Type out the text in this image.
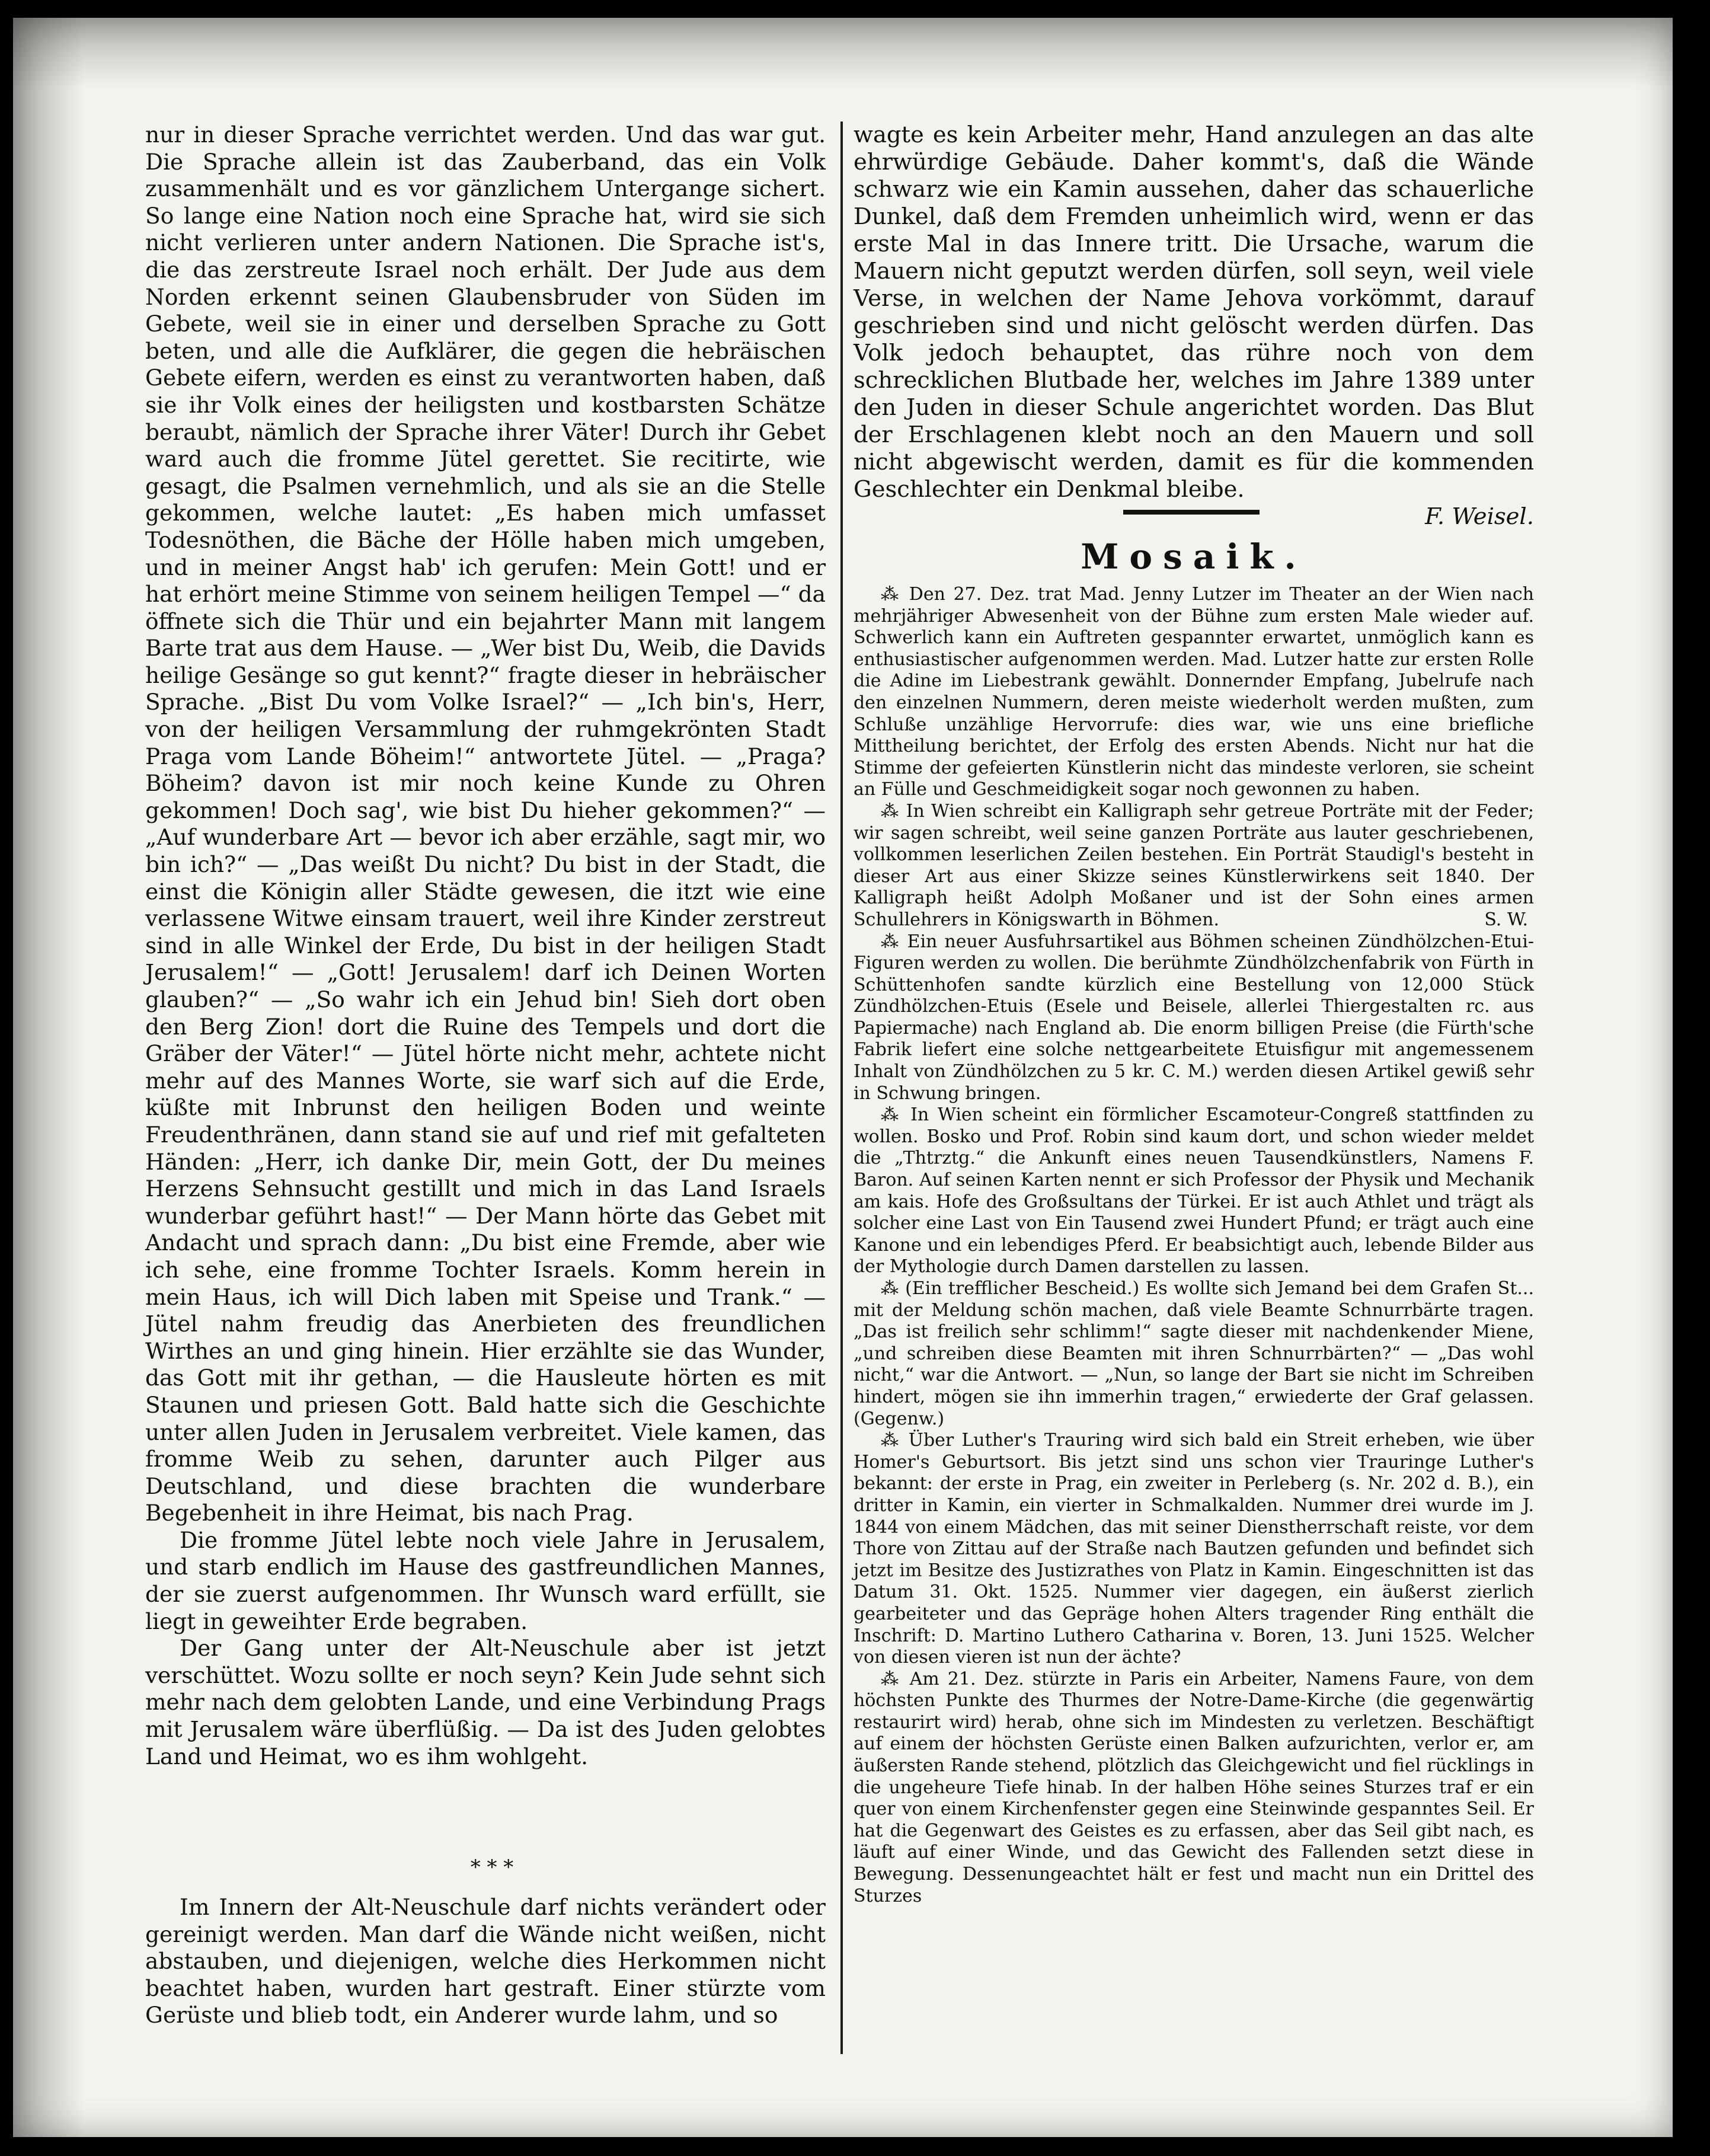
nur in dieser Sprache verrichtet werden. Und das war gut. Die Sprache allein ist das Zauberband, das ein Volk zusammenhält und es vor gänzlichem Untergange sichert. So lange eine Nation noch eine Sprache hat, wird sie sich nicht verlieren unter andern Nationen. Die Sprache ist's, die das zerstreute Israel noch erhält. Der Jude aus dem Norden erkennt seinen Glaubensbruder von Süden im Gebete, weil sie in einer und derselben Sprache zu Gott beten, und alle die Aufklärer, die gegen die hebräischen Gebete eifern, werden es einst zu verantworten haben, daß sie ihr Volk eines der heiligsten und kostbarsten Schätze beraubt, nämlich der Sprache ihrer Väter! Durch ihr Gebet ward auch die fromme Jütel gerettet. Sie recitirte, wie gesagt, die Psalmen vernehmlich, und als sie an die Stelle gekommen, welche lautet: „Es haben mich umfasset Todesnöthen, die Bäche der Hölle haben mich umgeben, und in meiner Angst hab' ich gerufen: Mein Gott! und er hat erhört meine Stimme von seinem heiligen Tempel —“ da öffnete sich die Thür und ein bejahrter Mann mit langem Barte trat aus dem Hause. — „Wer bist Du, Weib, die Davids heilige Gesänge so gut kennt?“ fragte dieser in hebräischer Sprache. „Bist Du vom Volke Israel?“ — „Ich bin's, Herr, von der heiligen Versammlung der ruhmgekrönten Stadt Praga vom Lande Böheim!“ antwortete Jütel. — „Praga? Böheim? davon ist mir noch keine Kunde zu Ohren gekommen! Doch sag', wie bist Du hieher gekommen?“ — „Auf wunderbare Art — bevor ich aber erzähle, sagt mir, wo bin ich?“ — „Das weißt Du nicht? Du bist in der Stadt, die einst die Königin aller Städte gewesen, die itzt wie eine verlassene Witwe einsam trauert, weil ihre Kinder zerstreut sind in alle Winkel der Erde, Du bist in der heiligen Stadt Jerusalem!“ — „Gott! Jerusalem! darf ich Deinen Worten glauben?“ — „So wahr ich ein Jehud bin! Sieh dort oben den Berg Zion! dort die Ruine des Tempels und dort die Gräber der Väter!“ — Jütel hörte nicht mehr, achtete nicht mehr auf des Mannes Worte, sie warf sich auf die Erde, küßte mit Inbrunst den heiligen Boden und weinte Freudenthränen, dann stand sie auf und rief mit gefalteten Händen: „Herr, ich danke Dir, mein Gott, der Du meines Herzens Sehnsucht gestillt und mich in das Land Israels wunderbar geführt hast!“ — Der Mann hörte das Gebet mit Andacht und sprach dann: „Du bist eine Fremde, aber wie ich sehe, eine fromme Tochter Israels. Komm herein in mein Haus, ich will Dich laben mit Speise und Trank.“ — Jütel nahm freudig das Anerbieten des freundlichen Wirthes an und ging hinein. Hier erzählte sie das Wunder, das Gott mit ihr gethan, — die Hausleute hörten es mit Staunen und priesen Gott. Bald hatte sich die Geschichte unter allen Juden in Jerusalem verbreitet. Viele kamen, das fromme Weib zu sehen, darunter auch Pilger aus Deutschland, und diese brachten die wunderbare Begebenheit in ihre Heimat, bis nach Prag.

Die fromme Jütel lebte noch viele Jahre in Jerusalem, und starb endlich im Hause des gastfreundlichen Mannes, der sie zuerst aufgenommen. Ihr Wunsch ward erfüllt, sie liegt in geweihter Erde begraben.

Der Gang unter der Alt-Neuschule aber ist jetzt verschüttet. Wozu sollte er noch seyn? Kein Jude sehnt sich mehr nach dem gelobten Lande, und eine Verbindung Prags mit Jerusalem wäre überflüßig. — Da ist des Juden gelobtes Land und Heimat, wo es ihm wohlgeht.

* * *

Im Innern der Alt-Neuschule darf nichts verändert oder gereinigt werden. Man darf die Wände nicht weißen, nicht abstauben, und diejenigen, welche dies Herkommen nicht beachtet haben, wurden hart gestraft. Einer stürzte vom Gerüste und blieb todt, ein Anderer wurde lahm, und so

wagte es kein Arbeiter mehr, Hand anzulegen an das alte ehrwürdige Gebäude. Daher kommt's, daß die Wände schwarz wie ein Kamin aussehen, daher das schauerliche Dunkel, daß dem Fremden unheimlich wird, wenn er das erste Mal in das Innere tritt. Die Ursache, warum die Mauern nicht geputzt werden dürfen, soll seyn, weil viele Verse, in welchen der Name Jehova vorkömmt, darauf geschrieben sind und nicht gelöscht werden dürfen. Das Volk jedoch behauptet, das rühre noch von dem schrecklichen Blutbade her, welches im Jahre 1389 unter den Juden in dieser Schule angerichtet worden. Das Blut der Erschlagenen klebt noch an den Mauern und soll nicht abgewischt werden, damit es für die kommenden Geschlechter ein Denkmal bleibe.

F. Weisel.

Mosaik.

⁂ Den 27. Dez. trat Mad. Jenny Lutzer im Theater an der Wien nach mehrjähriger Abwesenheit von der Bühne zum ersten Male wieder auf. Schwerlich kann ein Auftreten gespannter erwartet, unmöglich kann es enthusiastischer aufgenommen werden. Mad. Lutzer hatte zur ersten Rolle die Adine im Liebestrank gewählt. Donnernder Empfang, Jubelrufe nach den einzelnen Nummern, deren meiste wiederholt werden mußten, zum Schluße unzählige Hervorrufe: dies war, wie uns eine briefliche Mittheilung berichtet, der Erfolg des ersten Abends. Nicht nur hat die Stimme der gefeierten Künstlerin nicht das mindeste verloren, sie scheint an Fülle und Geschmeidigkeit sogar noch gewonnen zu haben.

⁂ In Wien schreibt ein Kalligraph sehr getreue Porträte mit der Feder; wir sagen schreibt, weil seine ganzen Porträte aus lauter geschriebenen, vollkommen leserlichen Zeilen bestehen. Ein Porträt Staudigl's besteht in dieser Art aus einer Skizze seines Künstlerwirkens seit 1840. Der Kalligraph heißt Adolph Moßaner und ist der Sohn eines armen Schullehrers in Königswarth in Böhmen.	S. W.

⁂ Ein neuer Ausfuhrsartikel aus Böhmen scheinen Zündhölzchen-Etui-Figuren werden zu wollen. Die berühmte Zündhölzchenfabrik von Fürth in Schüttenhofen sandte kürzlich eine Bestellung von 12,000 Stück Zündhölzchen-Etuis (Esele und Beisele, allerlei Thiergestalten rc. aus Papiermache) nach England ab. Die enorm billigen Preise (die Fürth'sche Fabrik liefert eine solche nettgearbeitete Etuisfigur mit angemessenem Inhalt von Zündhölzchen zu 5 kr. C. M.) werden diesen Artikel gewiß sehr in Schwung bringen.

⁂ In Wien scheint ein förmlicher Escamoteur-Congreß stattfinden zu wollen. Bosko und Prof. Robin sind kaum dort, und schon wieder meldet die „Thtrztg.“ die Ankunft eines neuen Tausendkünstlers, Namens F. Baron. Auf seinen Karten nennt er sich Professor der Physik und Mechanik am kais. Hofe des Großsultans der Türkei. Er ist auch Athlet und trägt als solcher eine Last von Ein Tausend zwei Hundert Pfund; er trägt auch eine Kanone und ein lebendiges Pferd. Er beabsichtigt auch, lebende Bilder aus der Mythologie durch Damen darstellen zu lassen.

⁂ (Ein trefflicher Bescheid.) Es wollte sich Jemand bei dem Grafen St... mit der Meldung schön machen, daß viele Beamte Schnurrbärte tragen. „Das ist freilich sehr schlimm!“ sagte dieser mit nachdenkender Miene, „und schreiben diese Beamten mit ihren Schnurrbärten?“ — „Das wohl nicht,“ war die Antwort. — „Nun, so lange der Bart sie nicht im Schreiben hindert, mögen sie ihn immerhin tragen,“ erwiederte der Graf gelassen. (Gegenw.)

⁂ Über Luther's Trauring wird sich bald ein Streit erheben, wie über Homer's Geburtsort. Bis jetzt sind uns schon vier Trauringe Luther's bekannt: der erste in Prag, ein zweiter in Perleberg (s. Nr. 202 d. B.), ein dritter in Kamin, ein vierter in Schmalkalden. Nummer drei wurde im J. 1844 von einem Mädchen, das mit seiner Dienstherrschaft reiste, vor dem Thore von Zittau auf der Straße nach Bautzen gefunden und befindet sich jetzt im Besitze des Justizrathes von Platz in Kamin. Eingeschnitten ist das Datum 31. Okt. 1525. Nummer vier dagegen, ein äußerst zierlich gearbeiteter und das Gepräge hohen Alters tragender Ring enthält die Inschrift: D. Martino Luthero Catharina v. Boren, 13. Juni 1525. Welcher von diesen vieren ist nun der ächte?

⁂ Am 21. Dez. stürzte in Paris ein Arbeiter, Namens Faure, von dem höchsten Punkte des Thurmes der Notre-Dame-Kirche (die gegenwärtig restaurirt wird) herab, ohne sich im Mindesten zu verletzen. Beschäftigt auf einem der höchsten Gerüste einen Balken aufzurichten, verlor er, am äußersten Rande stehend, plötzlich das Gleichgewicht und fiel rücklings in die ungeheure Tiefe hinab. In der halben Höhe seines Sturzes traf er ein quer von einem Kirchenfenster gegen eine Steinwinde gespanntes Seil. Er hat die Gegenwart des Geistes es zu erfassen, aber das Seil gibt nach, es läuft auf einer Winde, und das Gewicht des Fallenden setzt diese in Bewegung. Dessenungeachtet hält er fest und macht nun ein Drittel des Sturzes
